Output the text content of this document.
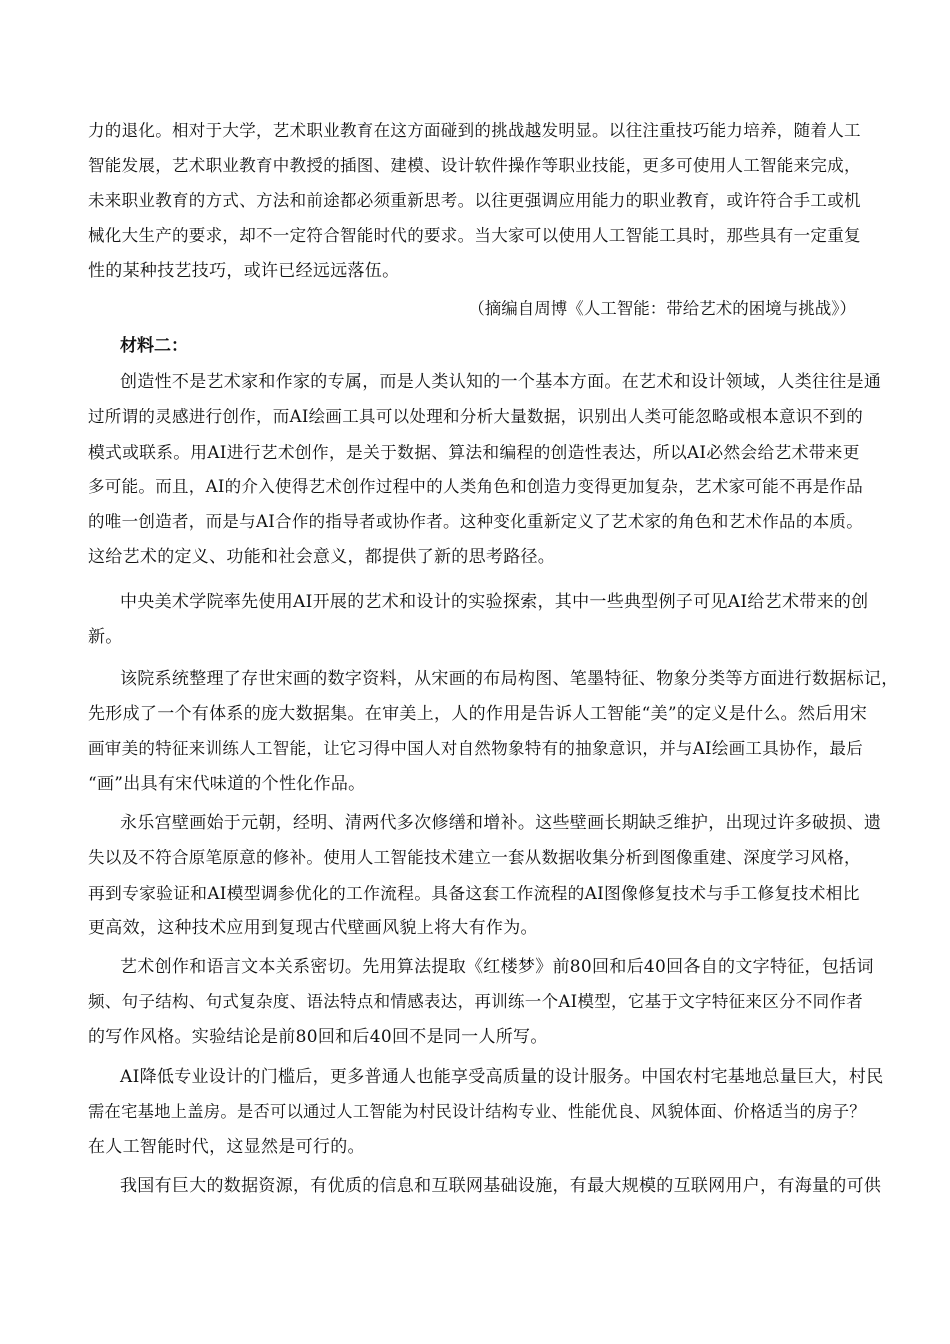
力的退化。相对于大学，艺术职业教育在这方面碰到的挑战越发明显。以往注重技巧能力培养，随着人工
智能发展，艺术职业教育中教授的插图、建模、设计软件操作等职业技能，更多可使用人工智能来完成，
未来职业教育的方式、方法和前途都必须重新思考。以往更强调应用能力的职业教育，或许符合手工或机
械化大生产的要求，却不一定符合智能时代的要求。当大家可以使用人工智能工具时，那些具有一定重复
性的某种技艺技巧，或许已经远远落伍。
（摘编自周博《人工智能：带给艺术的困境与挑战》）
材料二：
创造性不是艺术家和作家的专属，而是人类认知的一个基本方面。在艺术和设计领域，人类往往是通
过所谓的灵感进行创作，而AI绘画工具可以处理和分析大量数据，识别出人类可能忽略或根本意识不到的
模式或联系。用AI进行艺术创作，是关于数据、算法和编程的创造性表达，所以AI必然会给艺术带来更
多可能。而且，AI的介入使得艺术创作过程中的人类角色和创造力变得更加复杂，艺术家可能不再是作品
的唯一创造者，而是与AI合作的指导者或协作者。这种变化重新定义了艺术家的角色和艺术作品的本质。
这给艺术的定义、功能和社会意义，都提供了新的思考路径。
中央美术学院率先使用AI开展的艺术和设计的实验探索，其中一些典型例子可见AI给艺术带来的创
新。
该院系统整理了存世宋画的数字资料，从宋画的布局构图、笔墨特征、物象分类等方面进行数据标记，
先形成了一个有体系的庞大数据集。在审美上，人的作用是告诉人工智能“美”的定义是什么。然后用宋
画审美的特征来训练人工智能，让它习得中国人对自然物象特有的抽象意识，并与AI绘画工具协作，最后
“画”出具有宋代味道的个性化作品。
永乐宫壁画始于元朝，经明、清两代多次修缮和增补。这些壁画长期缺乏维护，出现过许多破损、遗
失以及不符合原笔原意的修补。使用人工智能技术建立一套从数据收集分析到图像重建、深度学习风格，
再到专家验证和AI模型调参优化的工作流程。具备这套工作流程的AI图像修复技术与手工修复技术相比
更高效，这种技术应用到复现古代壁画风貌上将大有作为。
艺术创作和语言文本关系密切。先用算法提取《红楼梦》前80回和后40回各自的文字特征，包括词
频、句子结构、句式复杂度、语法特点和情感表达，再训练一个AI模型，它基于文字特征来区分不同作者
的写作风格。实验结论是前80回和后40回不是同一人所写。
AI降低专业设计的门槛后，更多普通人也能享受高质量的设计服务。中国农村宅基地总量巨大，村民
需在宅基地上盖房。是否可以通过人工智能为村民设计结构专业、性能优良、风貌体面、价格适当的房子？
在人工智能时代，这显然是可行的。
我国有巨大的数据资源，有优质的信息和互联网基础设施，有最大规模的互联网用户，有海量的可供
